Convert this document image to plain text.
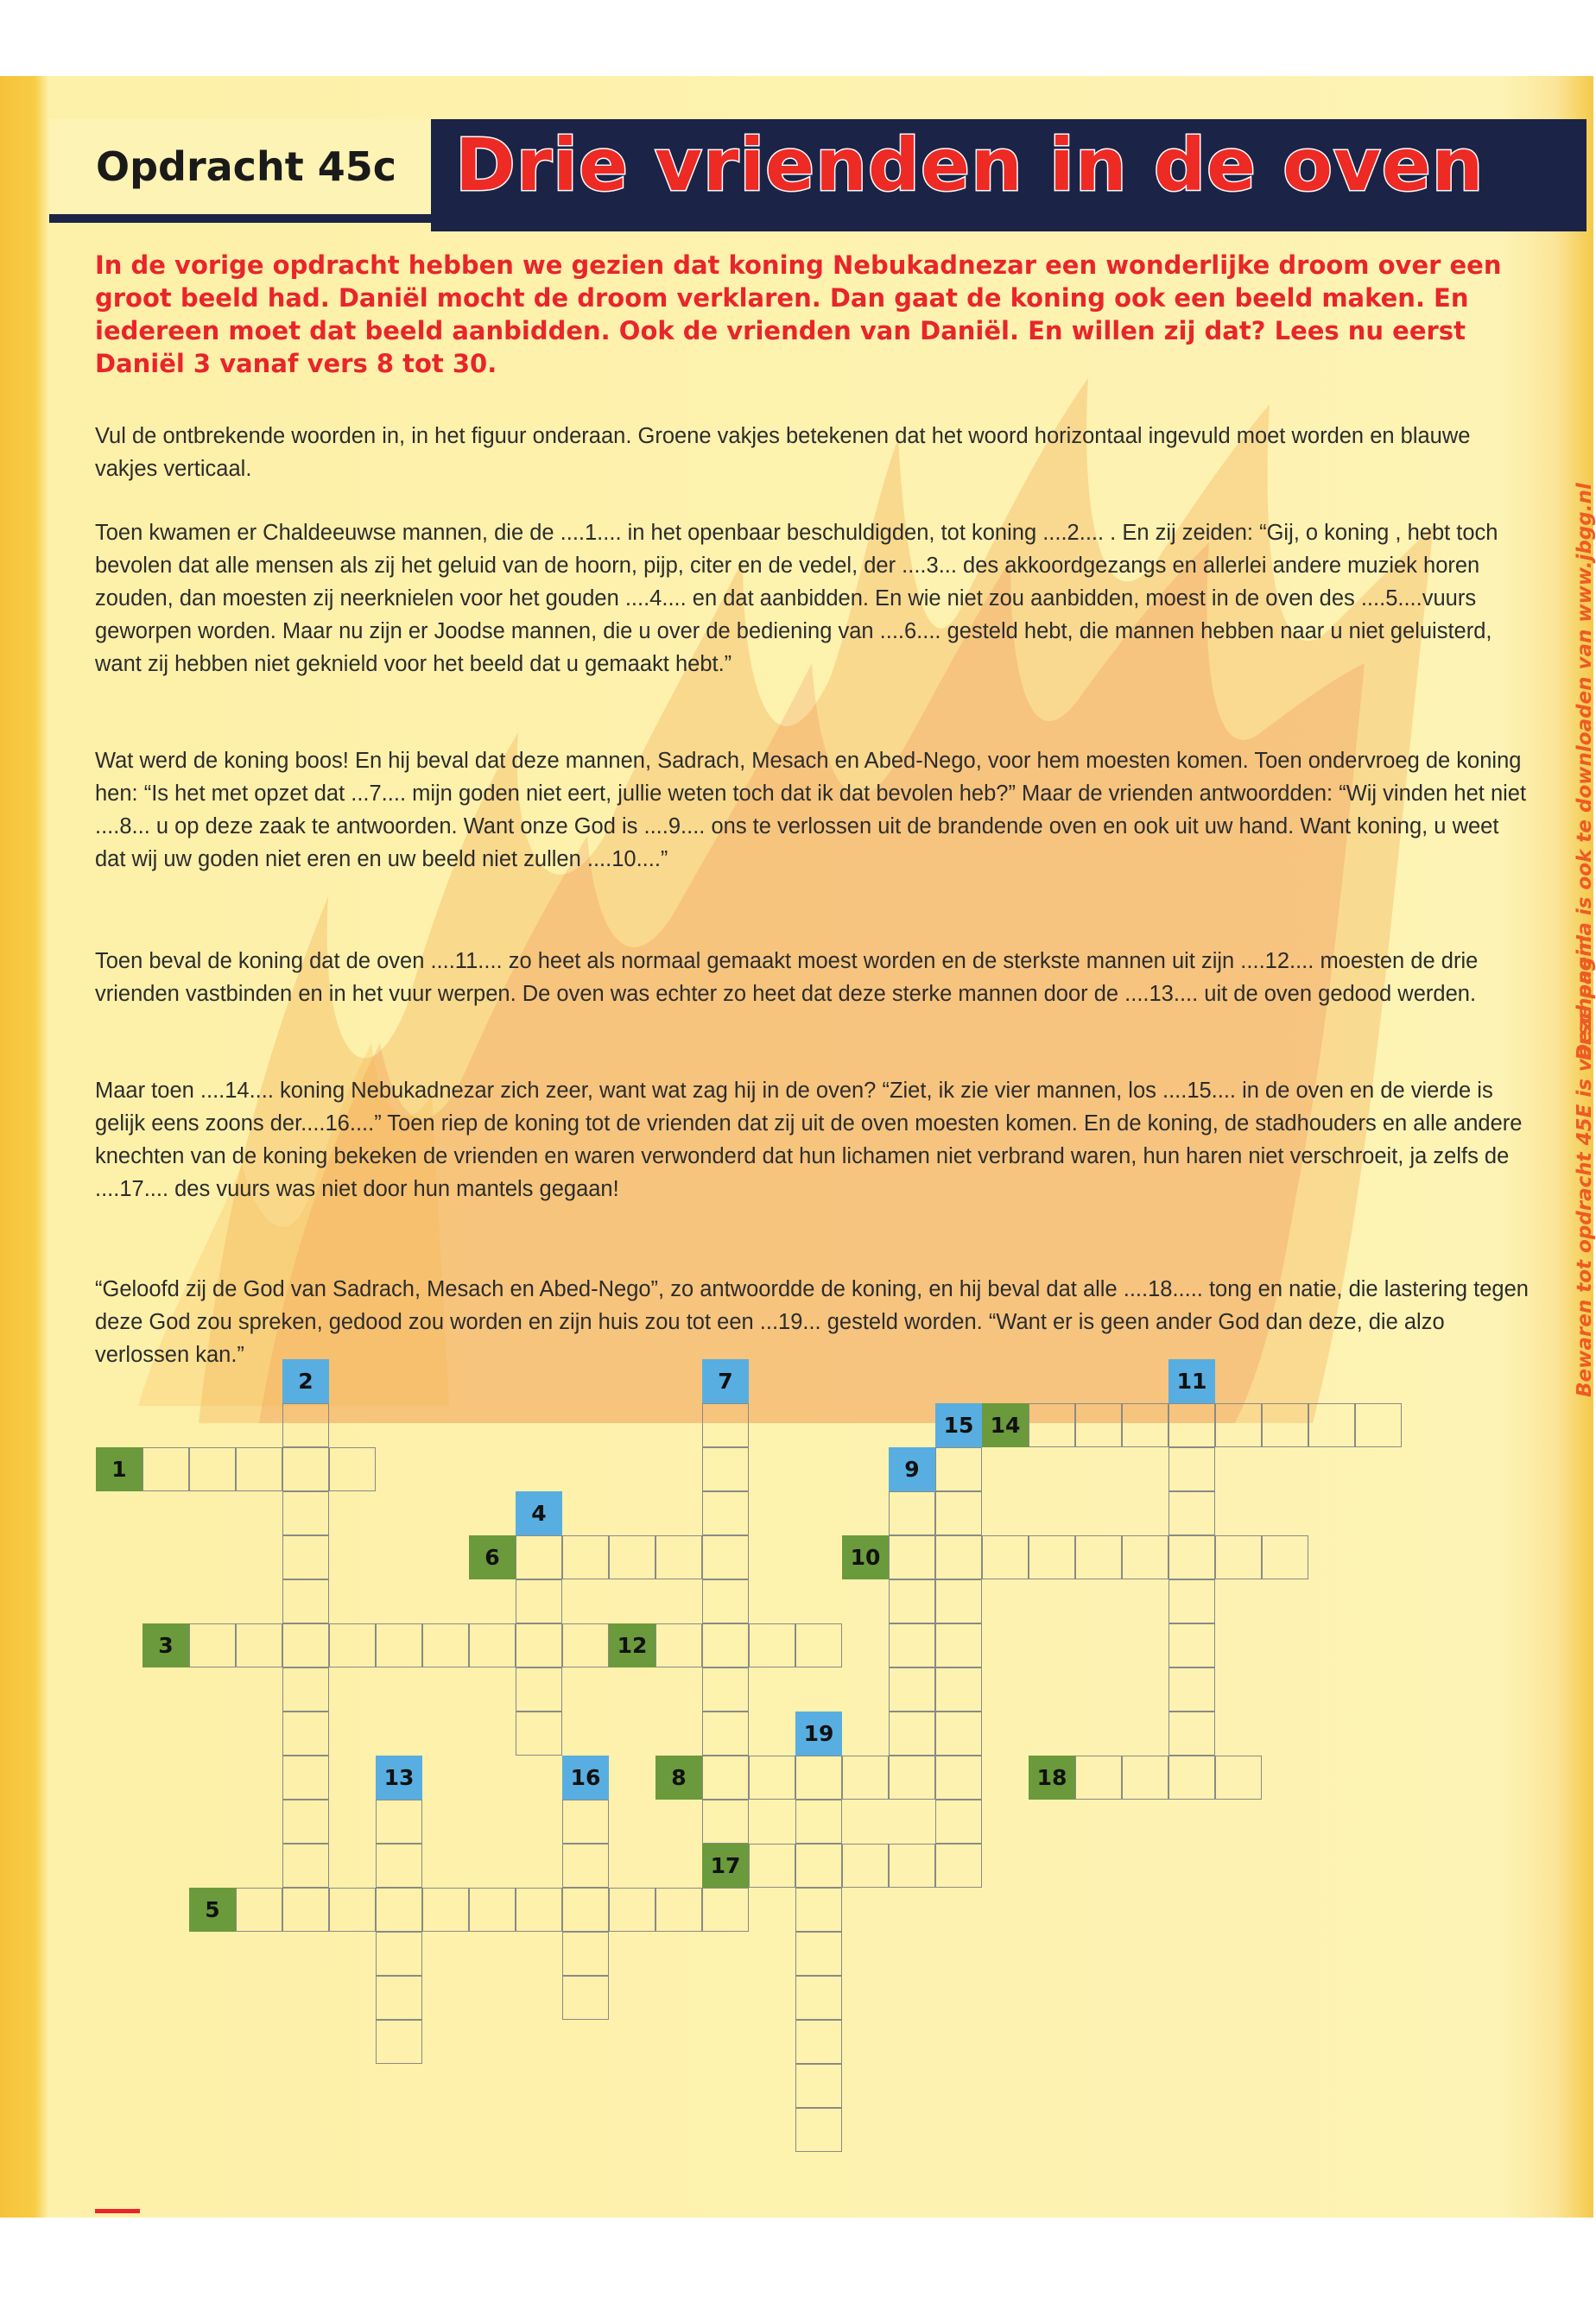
Opdracht 45c Drie vrienden in de oven
In de vorige opdracht hebben we gezien dat koning Nebukadnezar een wonderlijke droom over een groot beeld had. Daniël mocht de droom verklaren. Dan gaat de koning ook een beeld maken. En iedereen moet dat beeld aanbidden. Ook de vrienden van Daniël. En willen zij dat? Lees nu eerst Daniël 3 vanaf vers 8 tot 30.
Vul de ontbrekende woorden in, in het figuur onderaan. Groene vakjes betekenen dat het woord horizontaal ingevuld moet worden en blauwe vakjes verticaal.
Toen kwamen er Chaldeeuwse mannen, die de ....1.... in het openbaar beschuldigden, tot koning ....2.... . En zij zeiden: “Gij, o koning , hebt toch bevolen dat alle mensen als zij het geluid van de hoorn, pijp, citer en de vedel, der ....3... des akkoordgezangs en allerlei andere muziek horen zouden, dan moesten zij neerknielen voor het gouden ....4.... en dat aanbidden. En wie niet zou aanbidden, moest in de oven des ....5....vuurs geworpen worden. Maar nu zijn er Joodse mannen, die u over de bediening van ....6.... gesteld hebt, die mannen hebben naar u niet geluisterd, want zij hebben niet geknield voor het beeld dat u gemaakt hebt.”
Wat werd de koning boos! En hij beval dat deze mannen, Sadrach, Mesach en Abed-Nego, voor hem moesten komen. Toen ondervroeg de koning hen: “Is het met opzet dat ...7.... mijn goden niet eert, jullie weten toch dat ik dat bevolen heb?” Maar de vrienden antwoordden: “Wij vinden het niet ....8... u op deze zaak te antwoorden. Want onze God is ....9.... ons te verlossen uit de brandende oven en ook uit uw hand. Want koning, u weet dat wij uw goden niet eren en uw beeld niet zullen ....10....”
Toen beval de koning dat de oven ....11.... zo heet als normaal gemaakt moest worden en de sterkste mannen uit zijn ....12.... moesten de drie vrienden vastbinden en in het vuur werpen. De oven was echter zo heet dat deze sterke mannen door de ....13.... uit de oven gedood werden.
Maar toen ....14.... koning Nebukadnezar zich zeer, want wat zag hij in de oven? “Ziet, ik zie vier mannen, los ....15.... in de oven en de vierde is gelijk eens zoons der....16....” Toen riep de koning tot de vrienden dat zij uit de oven moesten komen. En de koning, de stadhouders en alle andere knechten van de koning bekeken de vrienden en waren verwonderd dat hun lichamen niet verbrand waren, hun haren niet verschroeit, ja zelfs de ....17.... des vuurs was niet door hun mantels gegaan!
“Geloofd zij de God van Sadrach, Mesach en Abed-Nego”, zo antwoordde de koning, en hij beval dat alle ....18..... tong en natie, die lastering tegen deze God zou spreken, gedood zou worden en zijn huis zou tot een ...19... gesteld worden. “Want er is geen ander God dan deze, die alzo verlossen kan.”
Deze pagina is ook te downloaden van www.jbgg.nl
Bewaren tot opdracht 45E is verschenen!
1
2
3
4
5
6
7
8
9
10
11
12
13
14
15
16
17
18
19
